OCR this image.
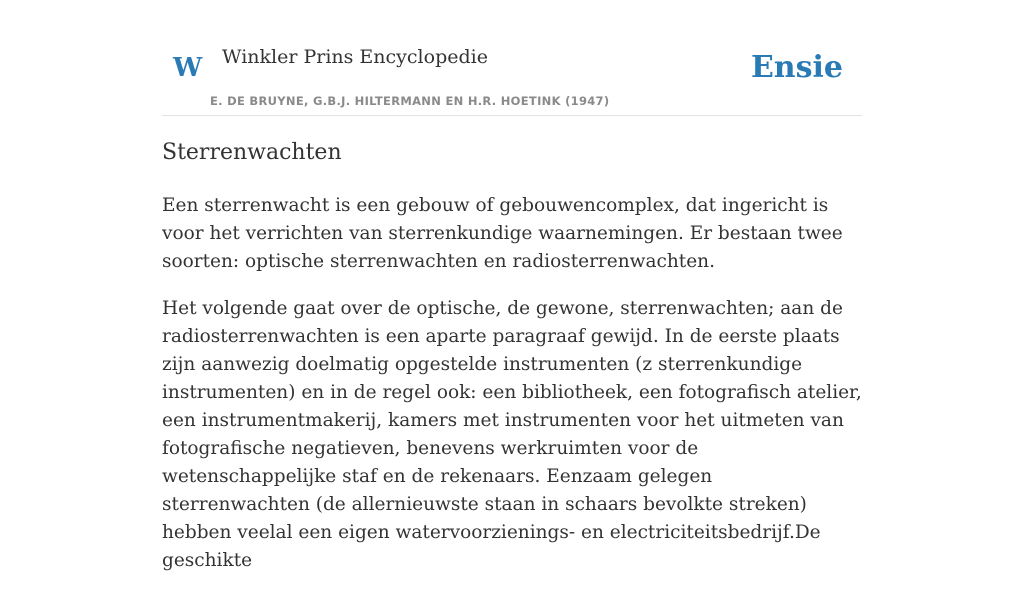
W Winkler Prins Encyclopedie
E. DE BRUYNE, G.B.J. HILTERMANN EN H.R. HOETINK (1947)
Ensie
Sterrenwachten

Een sterrenwacht is een gebouw of gebouwencomplex, dat ingericht is voor het verrichten van sterrenkundige waarnemingen. Er bestaan twee soorten: optische sterrenwachten en radiosterrenwachten.

Het volgende gaat over de optische, de gewone, sterrenwachten; aan de radiosterrenwachten is een aparte paragraaf gewijd. In de eerste plaats zijn aanwezig doelmatig opgestelde instrumenten (z sterrenkundige instrumenten) en in de regel ook: een bibliotheek, een fotografisch atelier, een instrumentmakerij, kamers met instrumenten voor het uitmeten van fotografische negatieven, benevens werkruimten voor de wetenschappelijke staf en de rekenaars. Eenzaam gelegen sterrenwachten (de allernieuwste staan in schaars bevolkte streken) hebben veelal een eigen watervoorzienings- en electriciteitsbedrijf.De geschikte
